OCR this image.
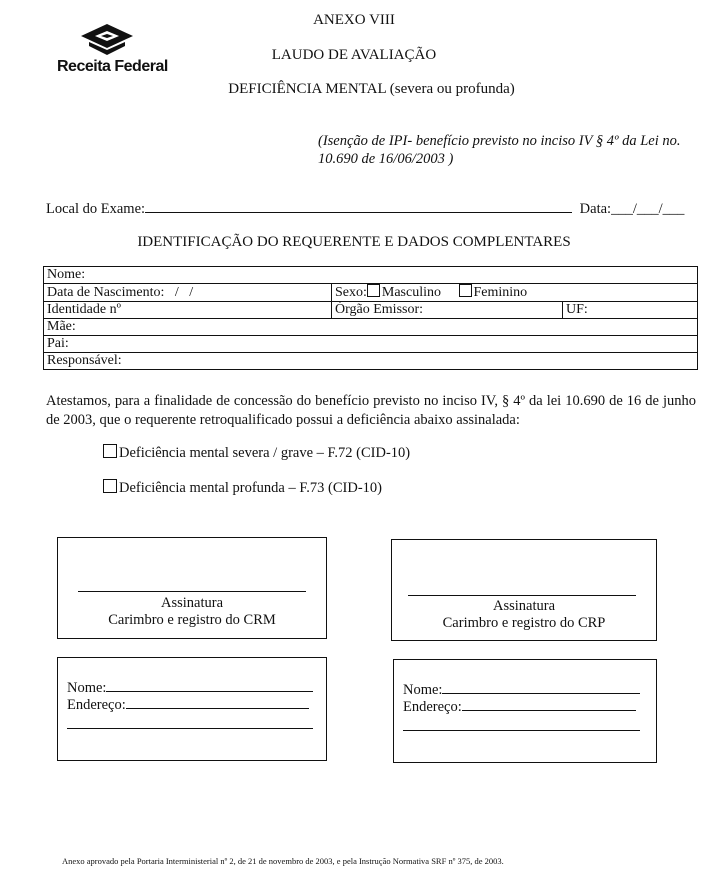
Receita Federal
ANEXO VIII
LAUDO DE AVALIAÇÃO
DEFICIÊNCIA MENTAL (severa ou profunda)
(Isenção de IPI- benefício previsto no inciso IV § 4º da Lei no. 10.690 de 16/06/2003 )
Local do Exame:	Data:___/___/___
IDENTIFICAÇÃO DO REQUERENTE E DADOS COMPLENTARES
Nome:		
Data de Nascimento:   /   /	Sexo: Masculino Feminino	
Identidade nº	Órgão Emissor:	UF:
Mãe:		
Pai:		
Responsável:		
Atestamos, para a finalidade de concessão do benefício previsto no inciso IV, § 4º da lei 10.690 de 16 de junho de 2003, que o requerente retroqualificado possui a deficiência abaixo assinalada:
Deficiência mental severa / grave – F.72 (CID-10)
Deficiência mental profunda – F.73 (CID-10)
Assinatura
Carimbro e registro do CRM
Assinatura
Carimbro e registro do CRP
Nome:
Endereço:
Nome:
Endereço:
Anexo aprovado pela Portaria Interministerial nº 2, de 21 de novembro de 2003, e pela Instrução Normativa SRF nº 375, de 2003.
